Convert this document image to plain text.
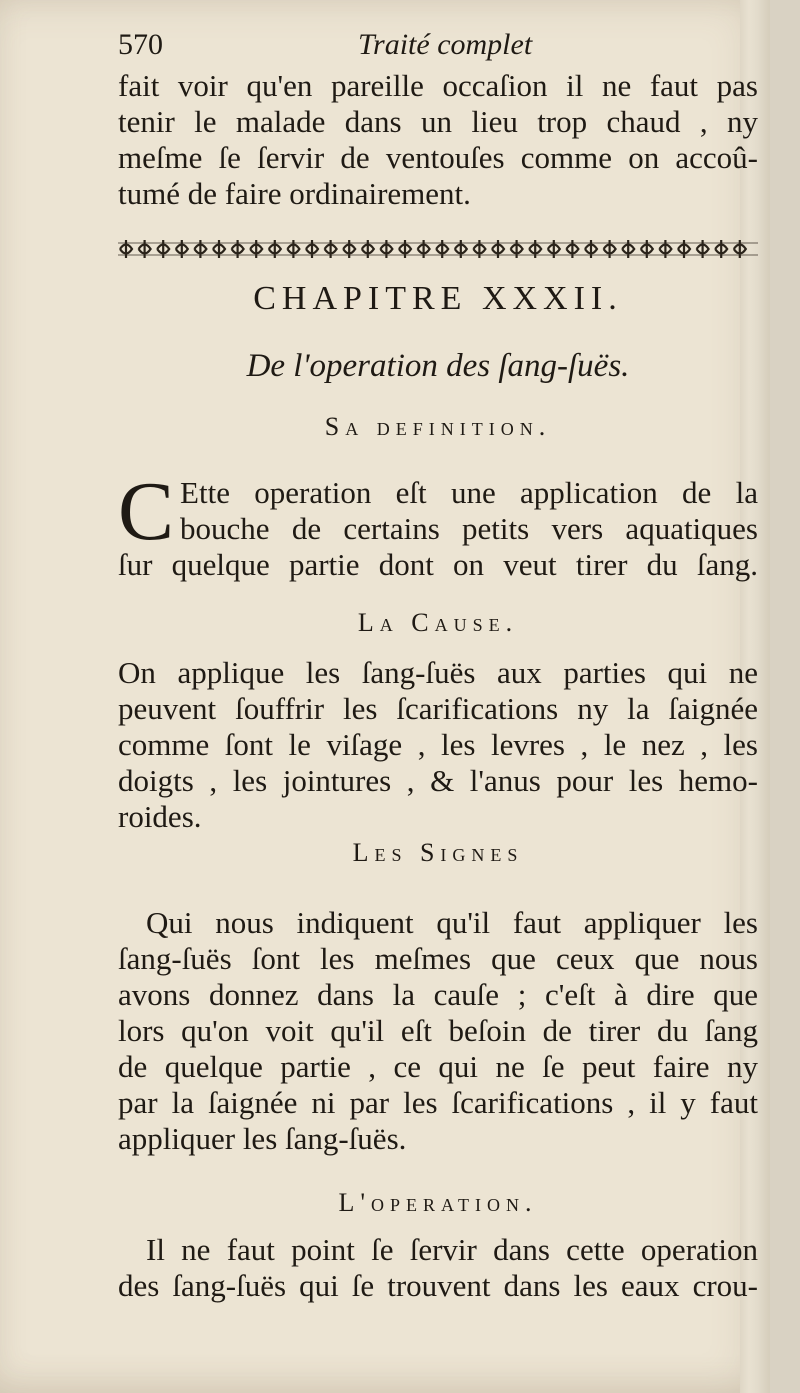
570	Traité complet
fait voir qu'en pareille occaſion il ne faut pas
tenir le malade dans un lieu trop chaud , ny
meſme ſe ſervir de ventouſes comme on accoû-
tumé de faire ordinairement.
CHAPITRE XXXII.
De l'operation des ſang-ſuës.
Sa definition.
C Ette operation eſt une application de la
bouche de certains petits vers aquatiques
ſur quelque partie dont on veut tirer du ſang.
La Cause.
On applique les ſang-ſuës aux parties qui ne
peuvent ſouffrir les ſcarifications ny la ſaignée
comme ſont le viſage , les levres , le nez , les
doigts , les jointures , & l'anus pour les hemo-
roides.
Les Signes
Qui nous indiquent qu'il faut appliquer les
ſang-ſuës ſont les meſmes que ceux que nous
avons donnez dans la cauſe ; c'eſt à dire que
lors qu'on voit qu'il eſt beſoin de tirer du ſang
de quelque partie , ce qui ne ſe peut faire ny
par la ſaignée ni par les ſcarifications , il y faut
appliquer les ſang-ſuës.
L'operation.
Il ne faut point ſe ſervir dans cette operation
des ſang-ſuës qui ſe trouvent dans les eaux crou-
